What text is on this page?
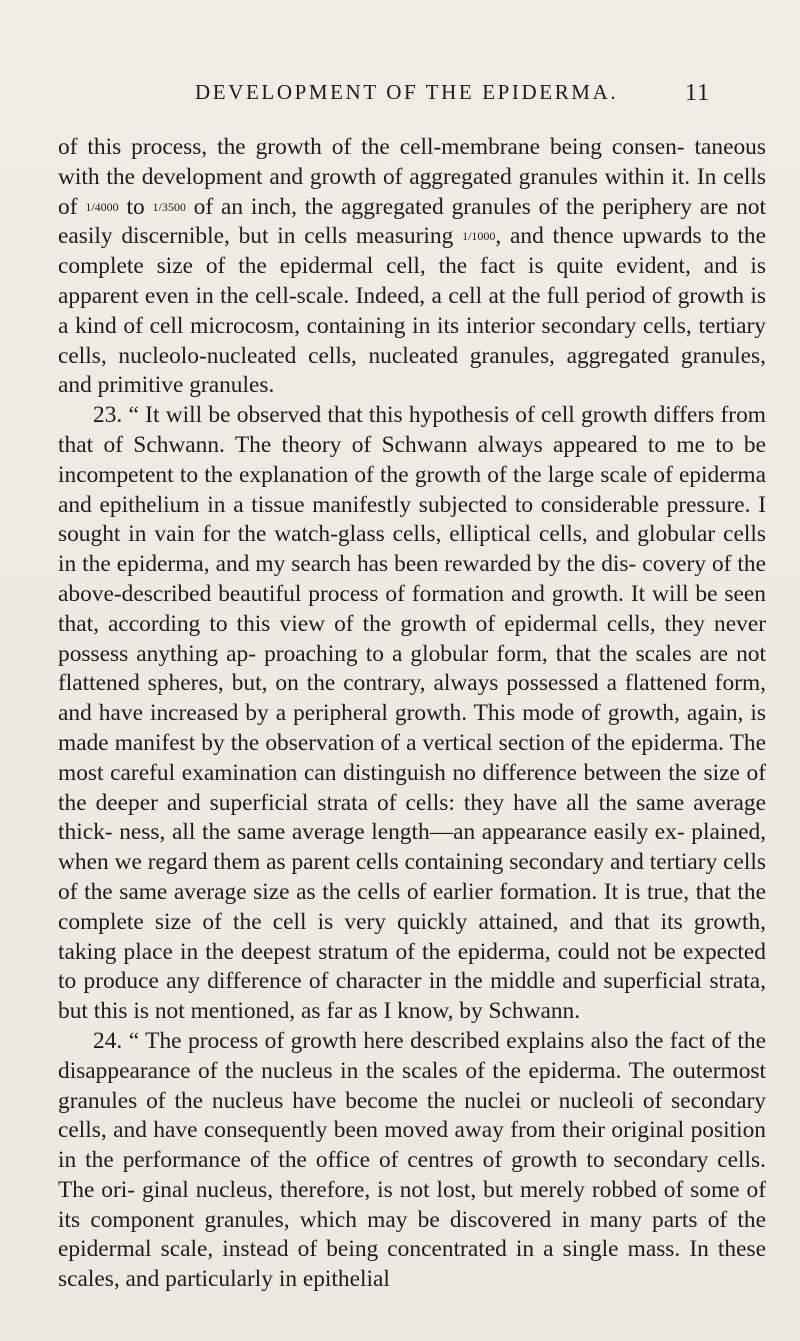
DEVELOPMENT OF THE EPIDERMA.	11

of this process, the growth of the cell-membrane being consen- taneous with the development and growth of aggregated granules within it. In cells of 1/4000 to 1/3500 of an inch, the aggregated granules of the periphery are not easily discernible, but in cells measuring 1/1000, and thence upwards to the complete size of the epidermal cell, the fact is quite evident, and is apparent even in the cell-scale. Indeed, a cell at the full period of growth is a kind of cell microcosm, containing in its interior secondary cells, tertiary cells, nucleolo-nucleated cells, nucleated granules, aggregated granules, and primitive granules.

23. “ It will be observed that this hypothesis of cell growth differs from that of Schwann. The theory of Schwann always appeared to me to be incompetent to the explanation of the growth of the large scale of epiderma and epithelium in a tissue manifestly subjected to considerable pressure. I sought in vain for the watch-glass cells, elliptical cells, and globular cells in the epiderma, and my search has been rewarded by the dis- covery of the above-described beautiful process of formation and growth. It will be seen that, according to this view of the growth of epidermal cells, they never possess anything ap- proaching to a globular form, that the scales are not flattened spheres, but, on the contrary, always possessed a flattened form, and have increased by a peripheral growth. This mode of growth, again, is made manifest by the observation of a vertical section of the epiderma. The most careful examination can distinguish no difference between the size of the deeper and superficial strata of cells: they have all the same average thick- ness, all the same average length—an appearance easily ex- plained, when we regard them as parent cells containing secondary and tertiary cells of the same average size as the cells of earlier formation. It is true, that the complete size of the cell is very quickly attained, and that its growth, taking place in the deepest stratum of the epiderma, could not be expected to produce any difference of character in the middle and superficial strata, but this is not mentioned, as far as I know, by Schwann.

24. “ The process of growth here described explains also the fact of the disappearance of the nucleus in the scales of the epiderma. The outermost granules of the nucleus have become the nuclei or nucleoli of secondary cells, and have consequently been moved away from their original position in the performance of the office of centres of growth to secondary cells. The ori- ginal nucleus, therefore, is not lost, but merely robbed of some of its component granules, which may be discovered in many parts of the epidermal scale, instead of being concentrated in a single mass. In these scales, and particularly in epithelial
